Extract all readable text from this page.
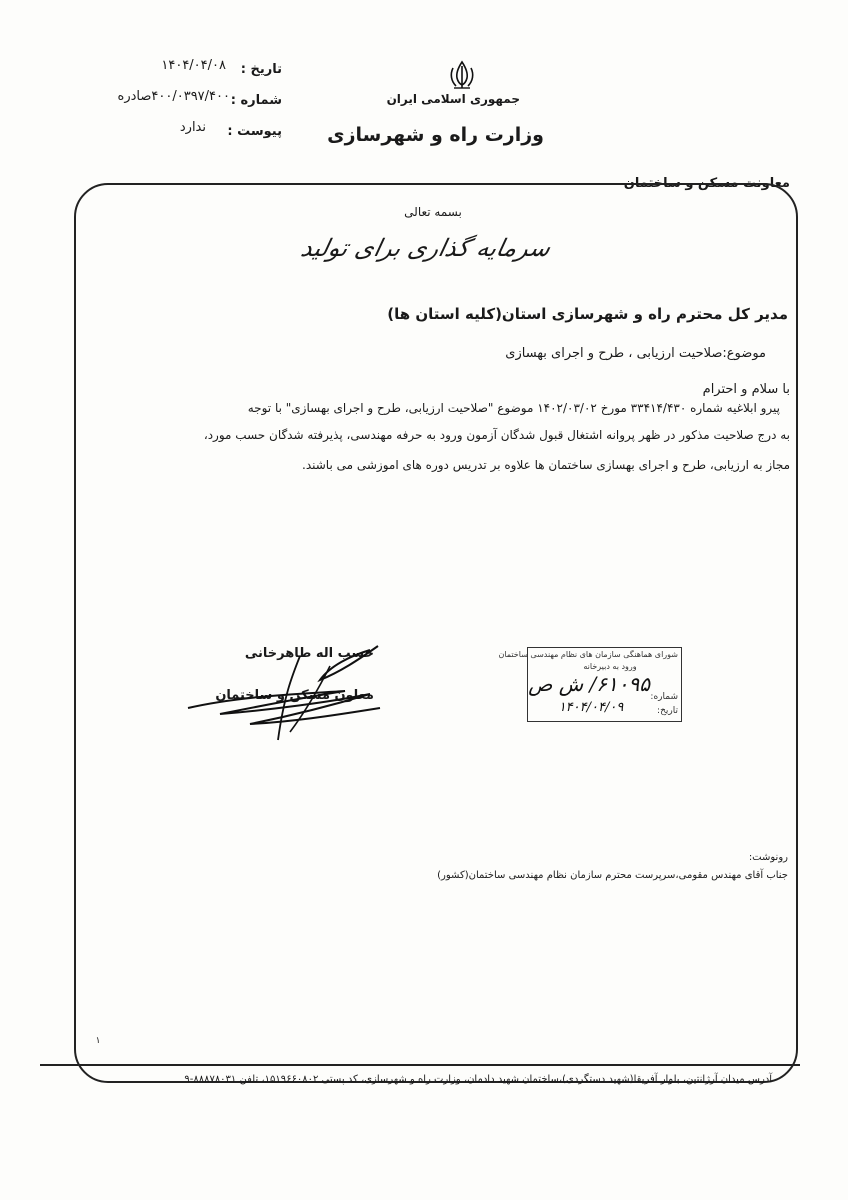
جمهوری اسلامی ایران
وزارت راه و شهرسازی
تاریخ :
۱۴۰۴/۰۴/۰۸
شماره :
۴۰۰/۰۳۹۷/۴۰۰صادره
پیوست :
ندارد
معاونت مسکن و ساختمان
بسمه تعالی
سرمایه گذاری برای تولید
مدیر کل محترم راه و شهرسازی استان(کلیه استان ها)
موضوع:صلاحیت ارزیابی ، طرح و اجرای بهسازی
با سلام و احترام
پیرو ابلاغیه شماره ۳۳۴۱۴/۴۳۰ مورخ ۱۴۰۲/۰۳/۰۲ موضوع "صلاحیت ارزیابی، طرح و اجرای بهسازی" با توجه
به درج صلاحیت مذکور در ظهر پروانه اشتغال قبول شدگان آزمون ورود به حرفه مهندسی، پذیرفته شدگان حسب مورد،
مجاز به ارزیابی، طرح و اجرای بهسازی ساختمان ها علاوه بر تدریس دوره های اموزشی می باشند.
حسب اله طاهرخانی
معاون مسکن و ساختمان
شورای هماهنگی سازمان های نظام مهندسی ساختمان
ورود به دبیرخانه
۶۱۰۹۵/ ش ص
شماره:
تاریخ:
۱۴۰۴/۰۴/۰۹
رونوشت:
جناب آقای مهندس مقومی،سرپرست محترم سازمان نظام مهندسی ساختمان(کشور)
۱
آدرس میدان آرژانتین، بلوار آفریقا(شهید دستگردی)،ساختمان شهید دادمان، وزارت راه و شهرسازی، کد پستی ۱۵۱۹۶۶۰۸۰۲، تلفن ۸۸۸۷۸۰۳۱-۹
